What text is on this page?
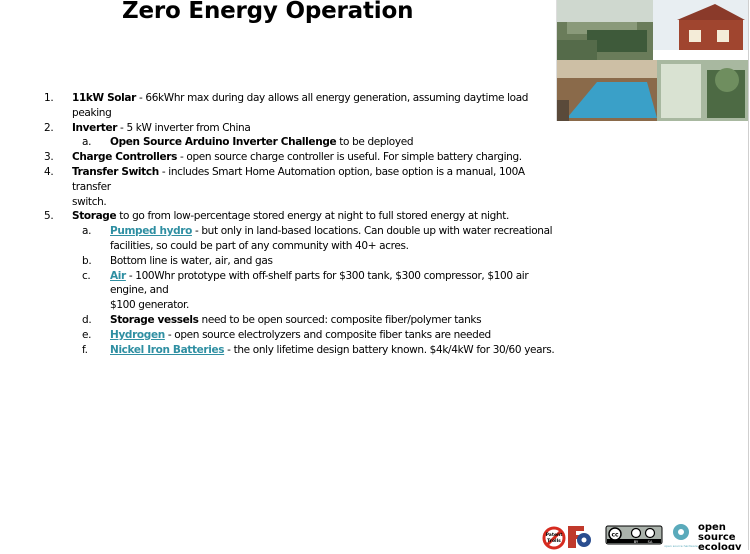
Zero Energy Operation
1.	11kW Solar - 66kWhr max during day allows all energy generation, assuming daytime load peaking
2.	Inverter - 5 kW inverter from China
a.	Open Source Arduino Inverter Challenge to be deployed
3.	Charge Controllers - open source charge controller is useful. For simple battery charging.
4.	Transfer Switch - includes Smart Home Automation option, base option is a manual, 100A transfer
switch.
5.	Storage to go from low-percentage stored energy at night to full stored energy at night.
a.	Pumped hydro - but only in land-based locations. Can double up with water recreational
facilities, so could be part of any community with 40+ acres.
b.	Bottom line is water, air, and gas
c.	Air - 100Whr prototype with off-shelf parts for $300 tank, $300 compressor, $100 air engine, and
$100 generator.
d.	Storage vessels need to be open sourced: composite fiber/polymer tanks
e.	Hydrogen - open source electrolyzers and composite fiber tanks are needed
f.	Nickel Iron Batteries - the only lifetime design battery known. $4k/4kW for 30/60 years.
Patent
Trolls
cc
BY	SA
open source hardware
open
source
ecology
